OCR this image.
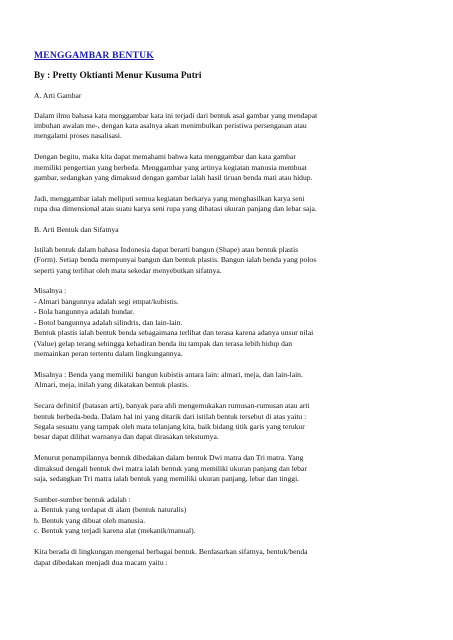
MENGGAMBAR BENTUK
By : Pretty Oktianti Menur Kusuma Putri
A. Arti Gambar
Dalam ilmu bahasa kata menggambar kata ini terjadi dari bentuk asal gambar yang mendapat
imbuhan awalan me-, dengan kata asalnya akan menimbulkan peristiwa persengauan atau
mengalami proses nasalisasi.
Dengan begitu, maka kita dapat memahami bahwa kata menggambar dan kata gambar
memiliki pengertian yang berbeda. Menggambar yang artinya kegiatan manusia membuat
gambar, sedangkan yang dimaksud dengan gambar ialah hasil tiruan benda mati atau hidup.
Jadi, menggambar ialah meliputi semua kegiatan berkarya yang menghasilkan karya seni
rupa dua dimensional atau suatu karya seni rupa yang dibatasi ukuran panjang dan lebar saja.
B. Arti Bentuk dan Sifatnya
Istilah bentuk dalam bahasa Indonesia dapat berarti bangun (Shape) atau bentuk plastis
(Form). Setiap benda mempunyai bangun dan bentuk plastis. Bangun ialah benda yang polos
seperti yang terlihat oleh mata sekedar menyebutkan sifatnya.
Misalnya :
- Almari bangunnya adalah segi empat/kubistis.
- Bola bangunnya adalah bundar.
- Botol bangunnya adalah silindris, dan lain-lain.
Bentuk plastis ialah bentuk benda sebagaimana terlihat dan terasa karena adanya unsur nilai
(Value) gelap terang sehingga kehadiran benda itu tampak dan terasa lebih hidup dan
memainkan peran tertentu dalam lingkungannya.
Misalnya : Benda yang memiliki bangun kubistis antara lain: almari, meja, dan lain-lain.
Almari, meja, inilah yang dikatakan bentuk plastis.
Secara definitif (batasan arti), banyak para ahli mengemukakan rumusan-rumusan atau arti
bentuk berbeda-beda. Dalam hal ini yang ditarik dari istilah bentuk tersebut di atas yaitu :
Segala sesuatu yang tampak oleh mata telanjang kita, baik bidang titik garis yang terukur
besar dapat dilihat warnanya dan dapat dirasakan teksturnya.
Menurut penampilannya bentuk dibedakan dalam bentuk Dwi matra dan Tri matra. Yang
dimaksud dengali bentuk dwi matra ialah bentuk yang memiliki ukuran panjang dan lebar
saja, sedangkan Tri matra ialah bentuk yang memiliki ukuran panjang, lebar dan tinggi.
Sumber-sumber bentuk adalah :
a. Bentuk yang terdapat di alam (bentuk naturalis)
b. Bentuk yang dibuat oleh manusia.
c. Bentuk yang terjadi karena alat (mekanik/manual).
Kita berada di lingkungan mengenal berbagai bentuk. Berdasarkan sifatnya, bentuk/benda
dapat dibedakan menjadi dua macam yaitu :
